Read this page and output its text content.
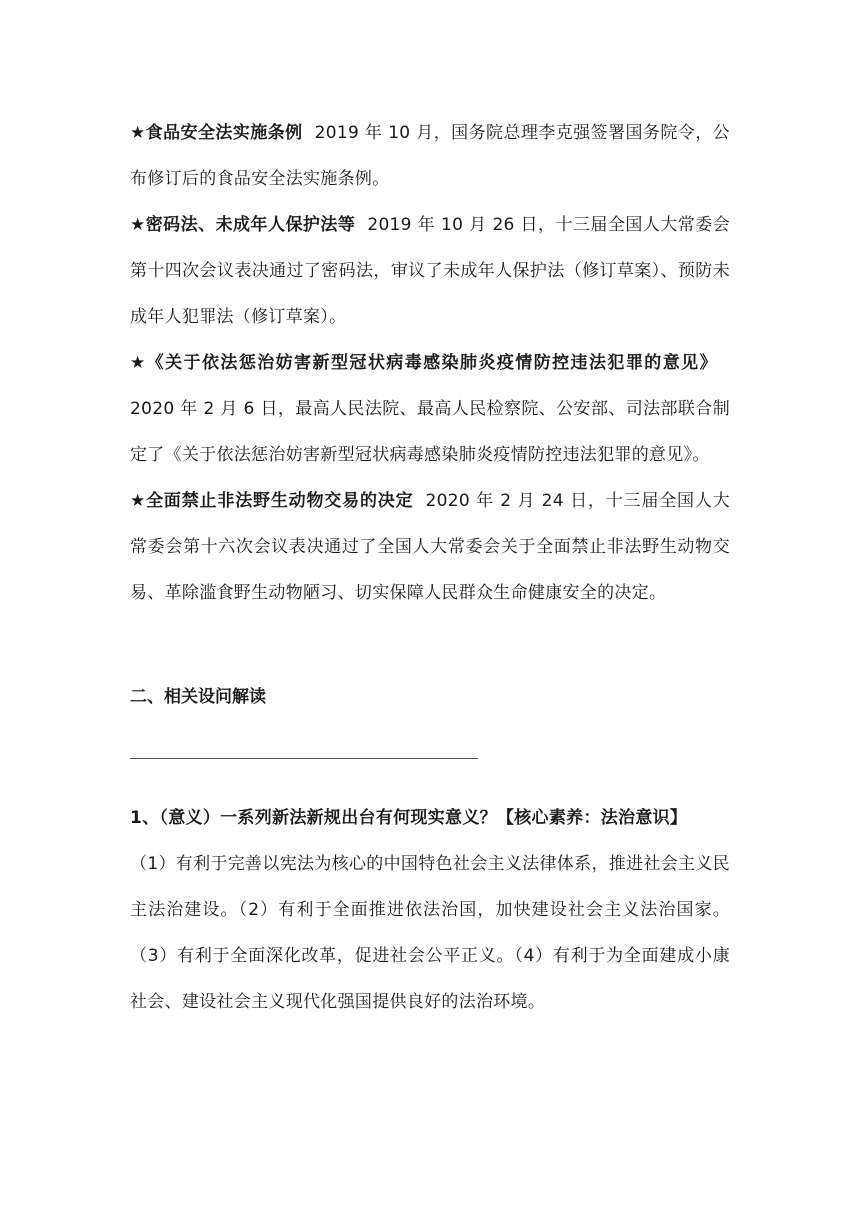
★食品安全法实施条例 2019 年 10 月，国务院总理李克强签署国务院令，公布修订后的食品安全法实施条例。

★密码法、未成年人保护法等 2019 年 10 月 26 日，十三届全国人大常委会第十四次会议表决通过了密码法，审议了未成年人保护法（修订草案）、预防未成年人犯罪法（修订草案）。

★《关于依法惩治妨害新型冠状病毒感染肺炎疫情防控违法犯罪的意见》2020 年 2 月 6 日，最高人民法院、最高人民检察院、公安部、司法部联合制定了《关于依法惩治妨害新型冠状病毒感染肺炎疫情防控违法犯罪的意见》。

★全面禁止非法野生动物交易的决定 2020 年 2 月 24 日，十三届全国人大常委会第十六次会议表决通过了全国人大常委会关于全面禁止非法野生动物交易、革除滥食野生动物陋习、切实保障人民群众生命健康安全的决定。

二、相关设问解读
1、（意义）一系列新法新规出台有何现实意义？【核心素养：法治意识】

（1）有利于完善以宪法为核心的中国特色社会主义法律体系，推进社会主义民主法治建设。（2）有利于全面推进依法治国，加快建设社会主义法治国家。（3）有利于全面深化改革，促进社会公平正义。（4）有利于为全面建成小康社会、建设社会主义现代化强国提供良好的法治环境。
